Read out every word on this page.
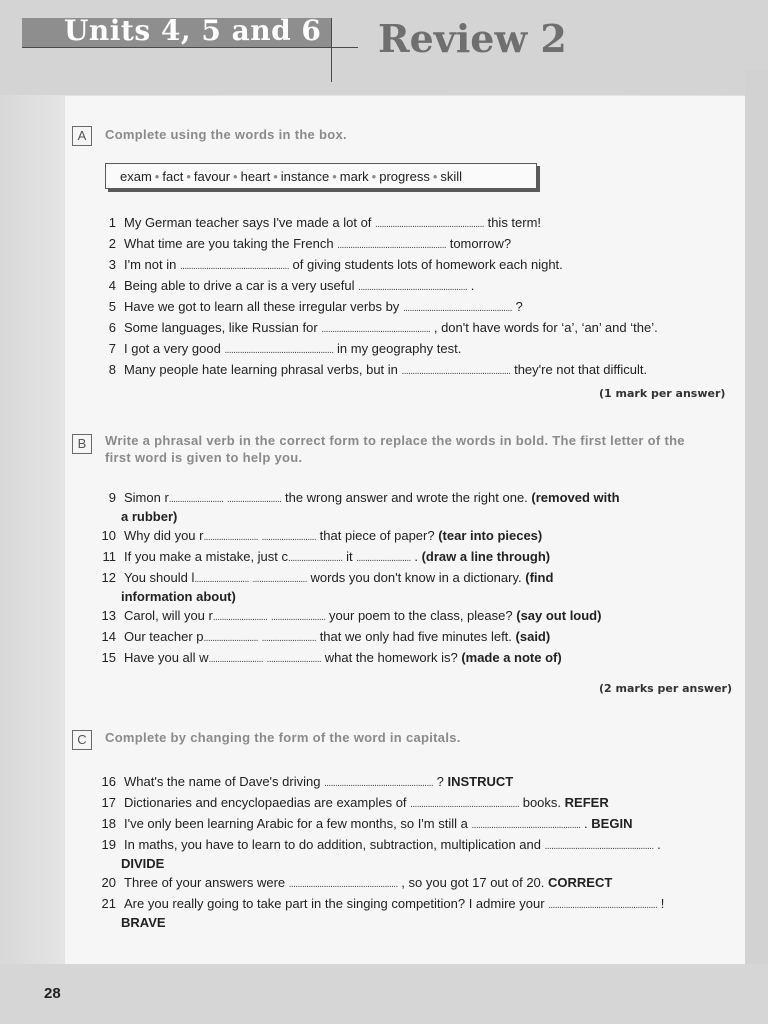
Units 4, 5 and 6 Review 2
28
A	Complete using the words in the box.
exam • fact • favour • heart • instance • mark • progress • skill
1 My German teacher says I've made a lot of .................................................. this term!
2 What time are you taking the French .................................................. tomorrow?
3 I'm not in .................................................. of giving students lots of homework each night.
4 Being able to drive a car is a very useful .................................................. .
5 Have we got to learn all these irregular verbs by .................................................. ?
6 Some languages, like Russian for .................................................. , don't have words for ‘a’, ‘an’ and ‘the’.
7 I got a very good .................................................. in my geography test.
8 Many people hate learning phrasal verbs, but in .................................................. they're not that difficult.
(1 mark per answer)
B	Write a phrasal verb in the correct form to replace the words in bold. The first letter of the first word is given to help you.
9 Simon r......................... ......................... the wrong answer and wrote the right one. (removed with
a rubber)
10 Why did you r......................... ......................... that piece of paper? (tear into pieces)
11 If you make a mistake, just c......................... it ......................... . (draw a line through)
12 You should l......................... ......................... words you don't know in a dictionary. (find
information about)
13 Carol, will you r......................... ......................... your poem to the class, please? (say out loud)
14 Our teacher p......................... ......................... that we only had five minutes left. (said)
15 Have you all w......................... ......................... what the homework is? (made a note of)
(2 marks per answer)
C	Complete by changing the form of the word in capitals.
16 What's the name of Dave's driving .................................................. ? INSTRUCT
17 Dictionaries and encyclopaedias are examples of .................................................. books. REFER
18 I've only been learning Arabic for a few months, so I'm still a .................................................. . BEGIN
19 In maths, you have to learn to do addition, subtraction, multiplication and .................................................. .
DIVIDE
20 Three of your answers were .................................................. , so you got 17 out of 20. CORRECT
21 Are you really going to take part in the singing competition? I admire your .................................................. !
BRAVE
